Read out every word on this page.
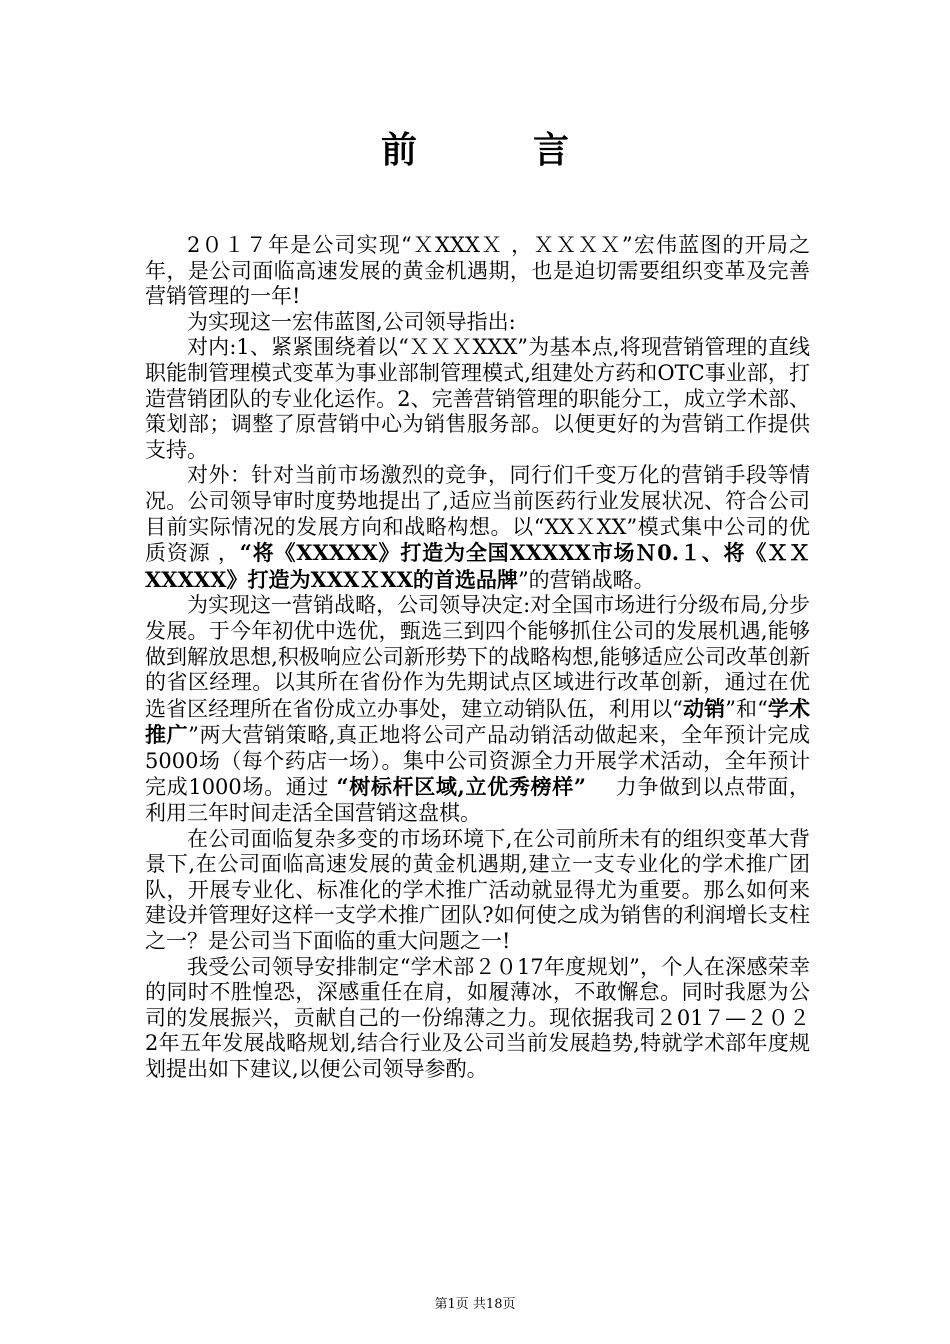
前　言

2０１７年是公司实现“ＸXXXＸ ，ＸＸＸＸ”宏伟蓝图的开局之年，是公司面临高速发展的黄金机遇期，也是迫切需要组织变革及完善营销管理的一年!

为实现这一宏伟蓝图,公司领导指出:

对内:1、紧紧围绕着以“ＸＸＸXXX”为基本点,将现营销管理的直线职能制管理模式变革为事业部制管理模式,组建处方药和OTC事业部，打造营销团队的专业化运作。2、完善营销管理的职能分工，成立学术部、策划部；调整了原营销中心为销售服务部。以便更好的为营销工作提供支持。

对外：针对当前市场激烈的竞争，同行们千变万化的营销手段等情况。公司领导审时度势地提出了,适应当前医药行业发展状况、符合公司目前实际情况的发展方向和战略构想。以“XXＸXX”模式集中公司的优质资源 ，“将《XXXXX》打造为全国XXXXX市场Ｎ0.１、将《ＸＸXXXXX》打造为XXXＸXX的首选品牌”的营销战略。

为实现这一营销战略，公司领导决定:对全国市场进行分级布局,分步发展。于今年初优中选优，甄选三到四个能够抓住公司的发展机遇,能够做到解放思想,积极响应公司新形势下的战略构想,能够适应公司改革创新的省区经理。以其所在省份作为先期试点区域进行改革创新，通过在优选省区经理所在省份成立办事处，建立动销队伍，利用以“动销”和“学术推广”两大营销策略,真正地将公司产品动销活动做起来，全年预计完成5000场（每个药店一场）。集中公司资源全力开展学术活动，全年预计完成1000场。通过 “树标杆区域,立优秀榜样”　 力争做到以点带面，利用三年时间走活全国营销这盘棋。

在公司面临复杂多变的市场环境下,在公司前所未有的组织变革大背景下,在公司面临高速发展的黄金机遇期,建立一支专业化的学术推广团队，开展专业化、标准化的学术推广活动就显得尤为重要。那么如何来建设并管理好这样一支学术推广团队?如何使之成为销售的利润增长支柱之一？是公司当下面临的重大问题之一!

我受公司领导安排制定“学术部２０17年度规划”，个人在深感荣幸的同时不胜惶恐，深感重任在肩，如履薄冰，不敢懈怠。同时我愿为公司的发展振兴，贡献自己的一份绵薄之力。现依据我司２01７—２０２2年五年发展战略规划,结合行业及公司当前发展趋势,特就学术部年度规划提出如下建议,以便公司领导参酌。

第1页 共18页
